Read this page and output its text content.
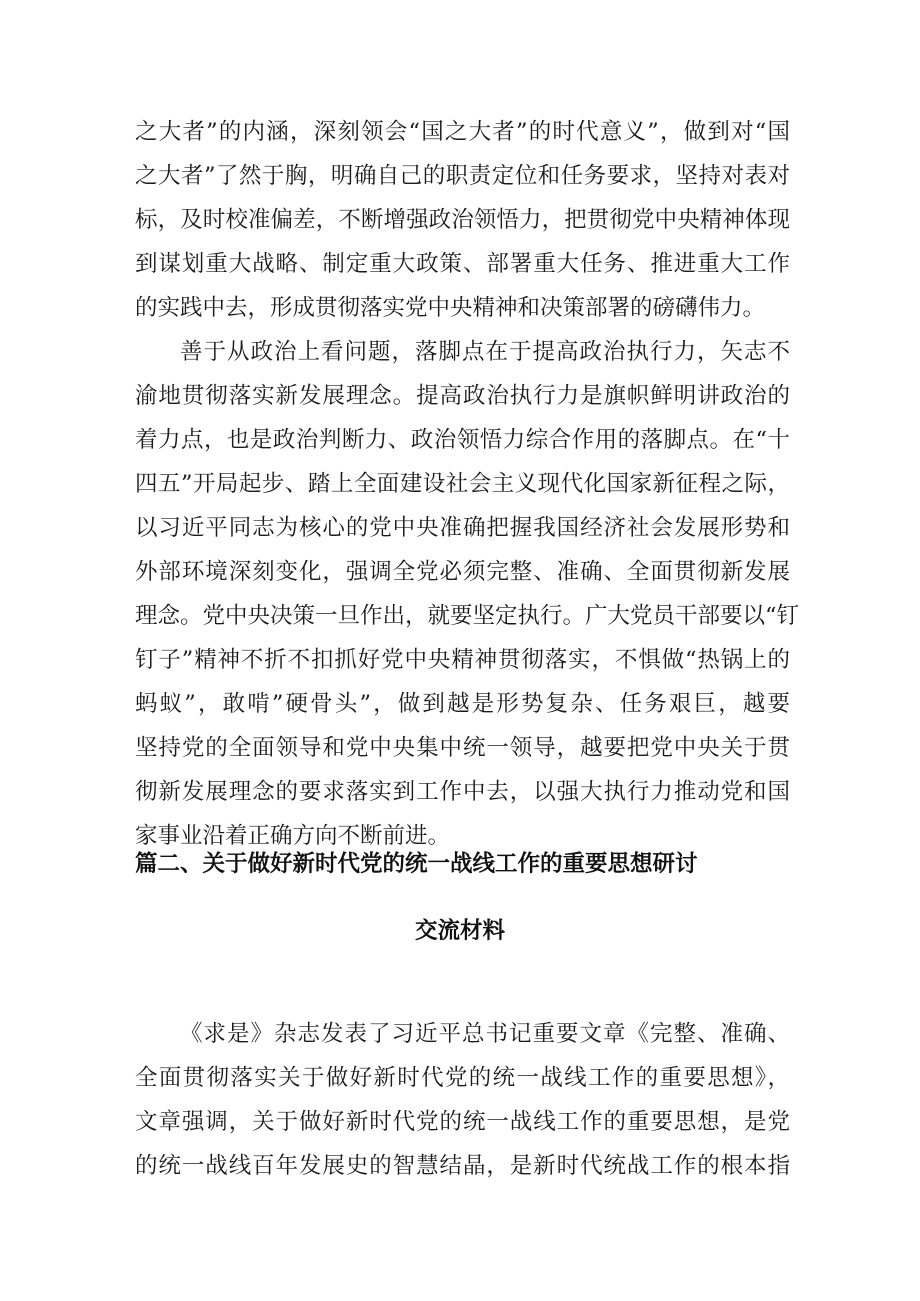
之大者”的内涵，深刻领会“国之大者”的时代意义”，做到对“国
之大者”了然于胸，明确自己的职责定位和任务要求，坚持对表对
标，及时校准偏差，不断增强政治领悟力，把贯彻党中央精神体现
到谋划重大战略、制定重大政策、部署重大任务、推进重大工作
的实践中去，形成贯彻落实党中央精神和决策部署的磅礴伟力。
善于从政治上看问题，落脚点在于提高政治执行力，矢志不
渝地贯彻落实新发展理念。提高政治执行力是旗帜鲜明讲政治的
着力点，也是政治判断力、政治领悟力综合作用的落脚点。在“十
四五”开局起步、踏上全面建设社会主义现代化国家新征程之际，
以习近平同志为核心的党中央准确把握我国经济社会发展形势和
外部环境深刻变化，强调全党必须完整、准确、全面贯彻新发展
理念。党中央决策一旦作出，就要坚定执行。广大党员干部要以“钉
钉子”精神不折不扣抓好党中央精神贯彻落实，不惧做“热锅上的
蚂蚁”，敢啃”硬骨头”，做到越是形势复杂、任务艰巨，越要
坚持党的全面领导和党中央集中统一领导，越要把党中央关于贯
彻新发展理念的要求落实到工作中去，以强大执行力推动党和国
家事业沿着正确方向不断前进。
篇二、关于做好新时代党的统一战线工作的重要思想研讨
交流材料
《求是》杂志发表了习近平总书记重要文章《完整、准确、
全面贯彻落实关于做好新时代党的统一战线工作的重要思想》，
文章强调，关于做好新时代党的统一战线工作的重要思想，是党
的统一战线百年发展史的智慧结晶，是新时代统战工作的根本指
